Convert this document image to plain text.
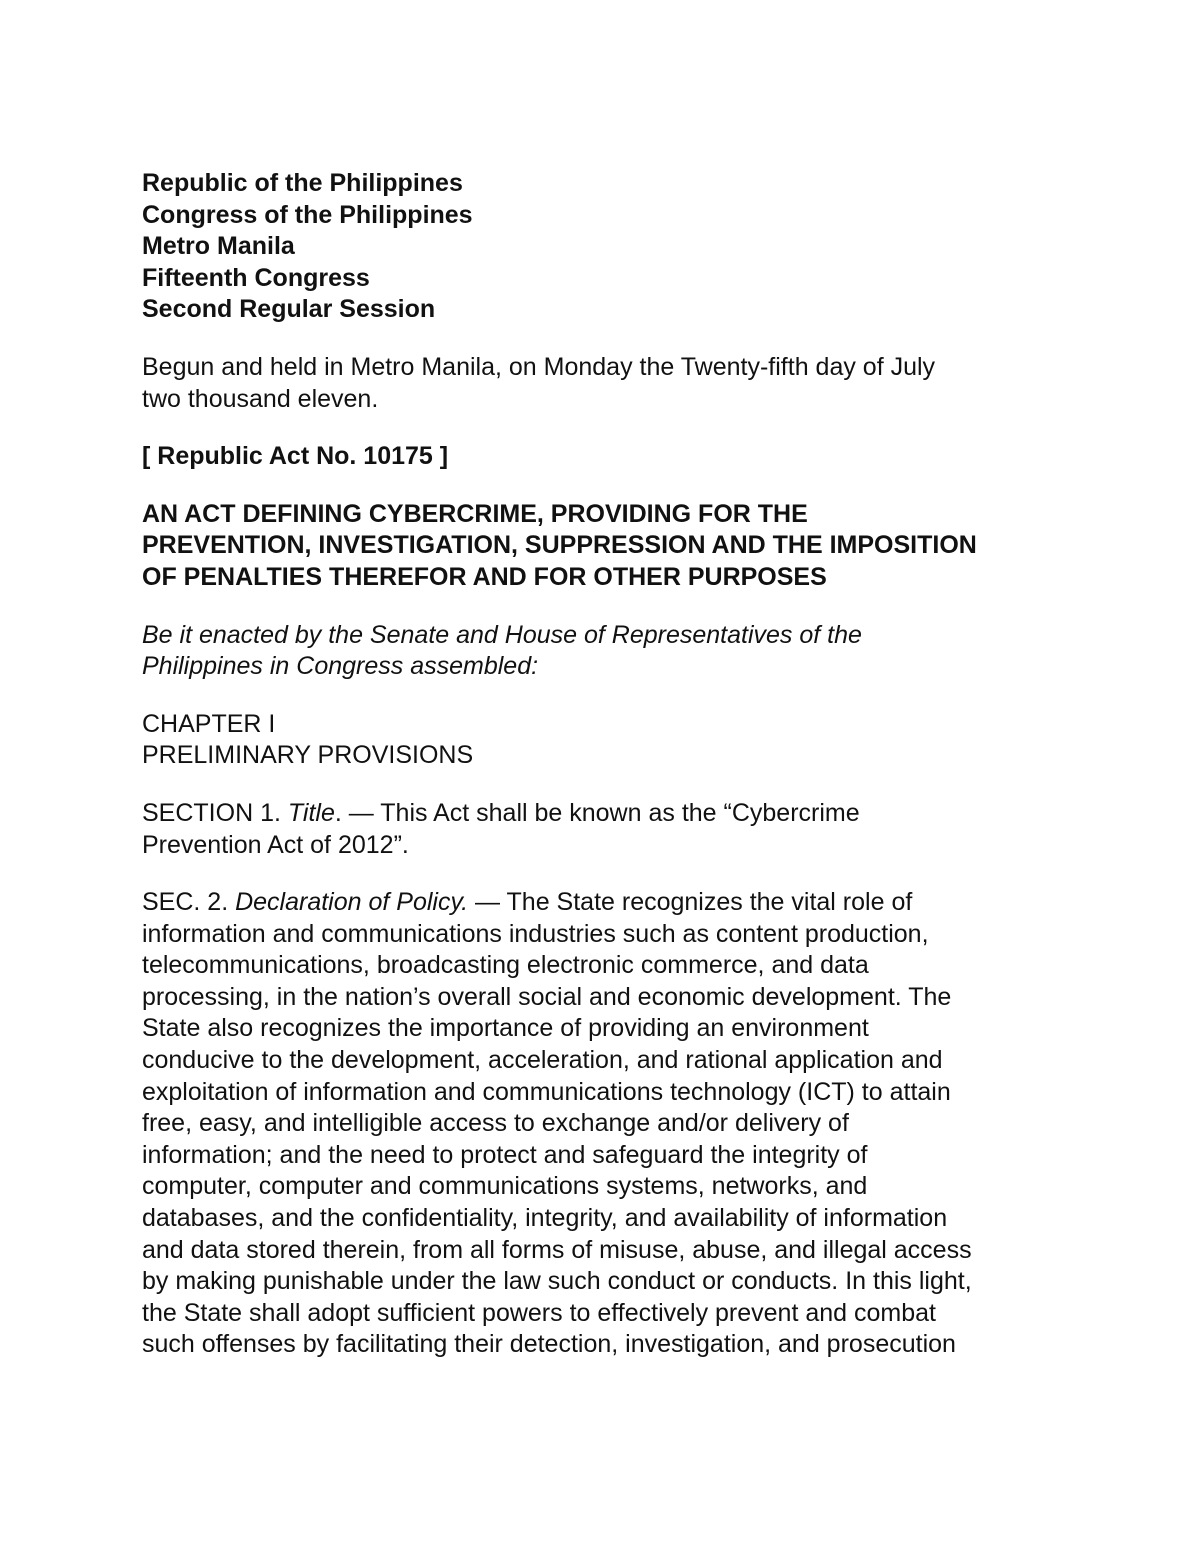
Republic of the Philippines
Congress of the Philippines
Metro Manila
Fifteenth Congress
Second Regular Session

Begun and held in Metro Manila, on Monday the Twenty-fifth day of July
two thousand eleven.

[ Republic Act No. 10175 ]

AN ACT DEFINING CYBERCRIME, PROVIDING FOR THE
PREVENTION, INVESTIGATION, SUPPRESSION AND THE IMPOSITION
OF PENALTIES THEREFOR AND FOR OTHER PURPOSES

Be it enacted by the Senate and House of Representatives of the
Philippines in Congress assembled:

CHAPTER I
PRELIMINARY PROVISIONS

SECTION 1. Title. — This Act shall be known as the “Cybercrime
Prevention Act of 2012”.

SEC. 2. Declaration of Policy. — The State recognizes the vital role of
information and communications industries such as content production,
telecommunications, broadcasting electronic commerce, and data
processing, in the nation’s overall social and economic development. The
State also recognizes the importance of providing an environment
conducive to the development, acceleration, and rational application and
exploitation of information and communications technology (ICT) to attain
free, easy, and intelligible access to exchange and/or delivery of
information; and the need to protect and safeguard the integrity of
computer, computer and communications systems, networks, and
databases, and the confidentiality, integrity, and availability of information
and data stored therein, from all forms of misuse, abuse, and illegal access
by making punishable under the law such conduct or conducts. In this light,
the State shall adopt sufficient powers to effectively prevent and combat
such offenses by facilitating their detection, investigation, and prosecution
